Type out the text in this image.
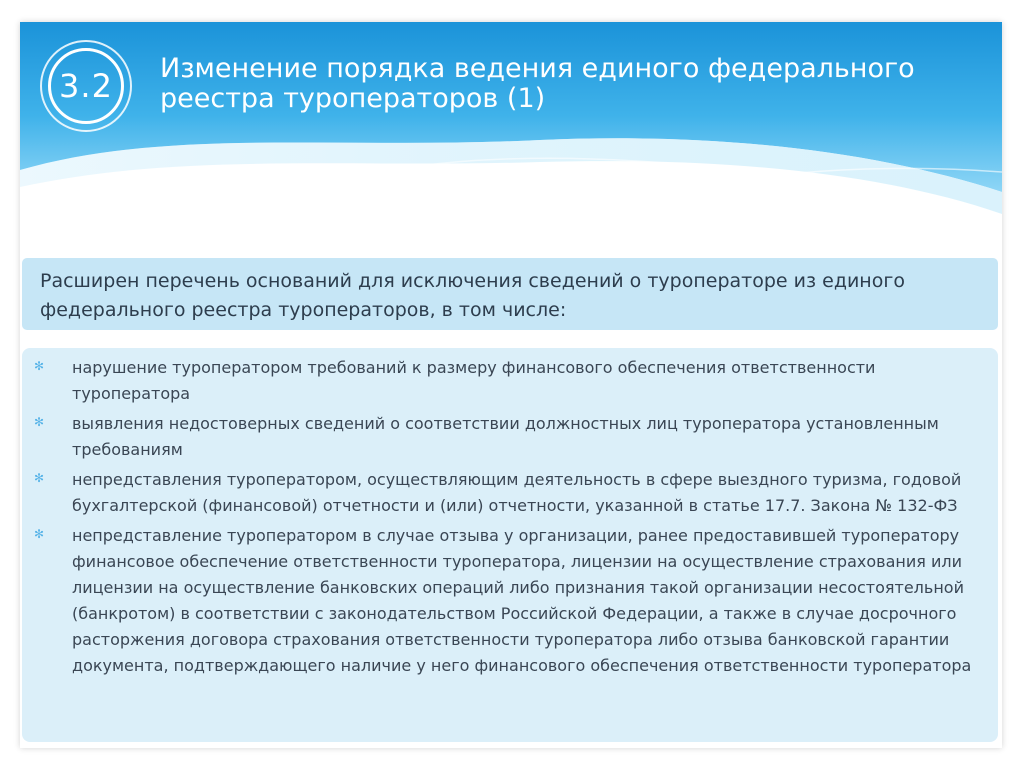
3.2	Изменение порядка ведения единого федерального реестра туроператоров (1)
Расширен перечень оснований для исключения сведений о туроператоре из единого федерального реестра туроператоров, в том числе:
✻	нарушение туроператором требований к размеру финансового обеспечения ответственности туроператора
✻	выявления недостоверных сведений о соответствии должностных лиц туроператора установленным требованиям
✻	непредставления туроператором, осуществляющим деятельность в сфере выездного туризма, годовой бухгалтерской (финансовой) отчетности и (или) отчетности, указанной в статье 17.7. Закона № 132-ФЗ
✻	непредставление туроператором в случае отзыва у организации, ранее предоставившей туроператору финансовое обеспечение ответственности туроператора, лицензии на осуществление страхования или лицензии на осуществление банковских операций либо признания такой организации несостоятельной (банкротом) в соответствии с законодательством Российской Федерации, а также в случае досрочного расторжения договора страхования ответственности туроператора либо отзыва банковской гарантии документа, подтверждающего наличие у него финансового обеспечения ответственности туроператора
